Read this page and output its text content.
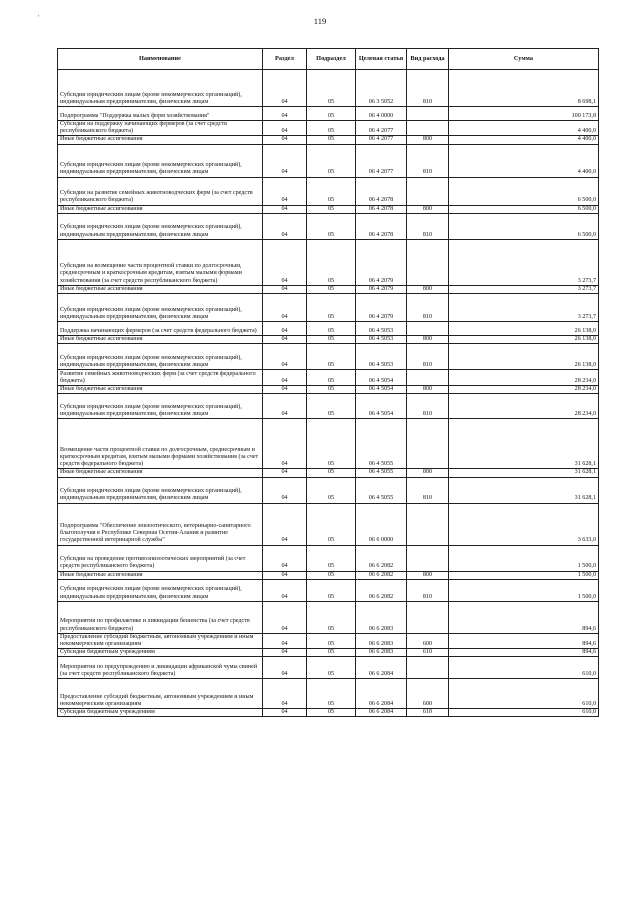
'	119
Наименование	Раздел	Подраздел	Целевая статья	Вид расхода	Сумма
Субсидии юридическим лицам (кроме некоммерческих организаций), индивидуальным предпринимателям, физическим лицам	04	05	06 3 5052	810	8 698,1
Подпрограмма "Поддержка малых форм хозяйствования"	04	05	06 4 0000		100 173,8
Субсидии на поддержку начинающих фермеров (за счет средств республиканского бюджета)	04	05	06 4 2077		4 400,0
Иные бюджетные ассигнования	04	05	06 4 2077	800	4 400,0
Субсидии юридическим лицам (кроме некоммерческих организаций), индивидуальным предпринимателям, физическим лицам	04	05	06 4 2077	810	4 400,0
Субсидии на развитие семейных животноводческих ферм (за счет средств республиканского бюджета)	04	05	06 4 2078		6 500,0
Иные бюджетные ассигнования	04	05	06 4 2078	800	6 500,0
Субсидии юридическим лицам (кроме некоммерческих организаций), индивидуальным предпринимателям, физическим лицам	04	05	06 4 2078	810	6 500,0
Субсидии на возмещение части процентной ставки по долгосрочным, среднесрочным и краткосрочным кредитам, взятым малыми формами хозяйствования (за счет средств республиканского бюджета)	04	05	06 4 2079		3 273,7
Иные бюджетные ассигнования	04	05	06 4 2079	800	3 273,7
Субсидии юридическим лицам (кроме некоммерческих организаций), индивидуальным предпринимателям, физическим лицам	04	05	06 4 2079	810	3 273,7
Поддержка начинающих фермеров (за счет средств федерального бюджета)	04	05	06 4 5053		26 138,0
Иные бюджетные ассигнования	04	05	06 4 5053	800	26 138,0
Субсидии юридическим лицам (кроме некоммерческих организаций), индивидуальным предпринимателям, физическим лицам	04	05	06 4 5053	810	26 138,0
Развитие семейных животноводческих ферм (за счет средств федерального бюджета)	04	05	06 4 5054		28 234,0
Иные бюджетные ассигнования	04	05	06 4 5054	800	28 234,0
Субсидии юридическим лицам (кроме некоммерческих организаций), индивидуальным предпринимателям, физическим лицам	04	05	06 4 5054	810	28 234,0
Возмещение части процентной ставки по долгосрочным, среднесрочным и краткосрочным кредитам, взятым малыми формами хозяйствования (за счет средств федерального бюджета)	04	05	06 4 5055		31 628,1
Иные бюджетные ассигнования	04	05	06 4 5055	800	31 628,1
Субсидии юридическим лицам (кроме некоммерческих организаций), индивидуальным предпринимателям, физическим лицам	04	05	06 4 5055	810	31 628,1
Подпрограмма "Обеспечение эпизоотического, ветеринарно-санитарного благополучия в Республике Северная Осетия-Алания и развитие государственной ветеринарной службы"	04	05	06 6 0000		3 633,0
Субсидии на проведение противоэпизоотических мероприятий (за счет средств республиканского бюджета)	04	05	06 6 2082		1 500,0
Иные бюджетные ассигнования	04	05	06 6 2082	800	1 500,0
Субсидии юридическим лицам (кроме некоммерческих организаций), индивидуальным предпринимателям, физическим лицам	04	05	06 6 2082	810	1 500,0
Мероприятия по профилактике и ликвидации бешенства (за счет средств республиканского бюджета)	04	05	06 6 2083		894,6
Предоставление субсидий бюджетным, автономным учреждениям и иным некоммерческим организациям	04	05	06 6 2083	600	894,6
Субсидии бюджетным учреждениям	04	05	06 6 2083	610	894,6
Мероприятия по предупреждению и ликвидации африканской чумы свиней (за счет средств республиканского бюджета)	04	05	06 6 2084		610,0
Предоставление субсидий бюджетным, автономным учреждениям и иным некоммерческим организациям	04	05	06 6 2084	600	610,0
Субсидии бюджетным учреждениям	04	05	06 6 2084	610	610,0
